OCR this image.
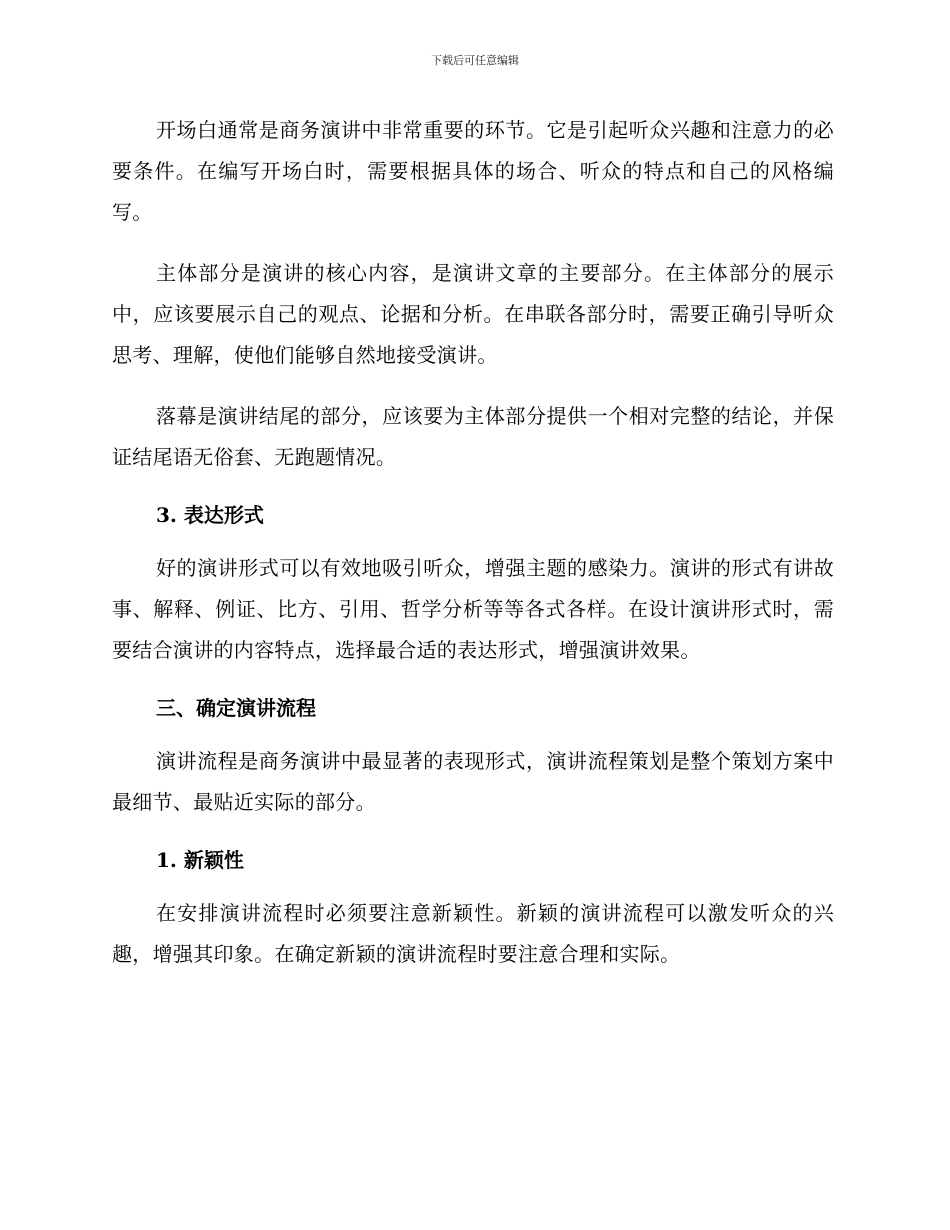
下载后可任意编辑

开场白通常是商务演讲中非常重要的环节。它是引起听众兴趣和注意力的必要条件。在编写开场白时，需要根据具体的场合、听众的特点和自己的风格编写。

主体部分是演讲的核心内容，是演讲文章的主要部分。在主体部分的展示中，应该要展示自己的观点、论据和分析。在串联各部分时，需要正确引导听众思考、理解，使他们能够自然地接受演讲。

落幕是演讲结尾的部分，应该要为主体部分提供一个相对完整的结论，并保证结尾语无俗套、无跑题情况。

3. 表达形式

好的演讲形式可以有效地吸引听众，增强主题的感染力。演讲的形式有讲故事、解释、例证、比方、引用、哲学分析等等各式各样。在设计演讲形式时，需要结合演讲的内容特点，选择最合适的表达形式，增强演讲效果。

三、确定演讲流程

演讲流程是商务演讲中最显著的表现形式，演讲流程策划是整个策划方案中最细节、最贴近实际的部分。

1. 新颖性

在安排演讲流程时必须要注意新颖性。新颖的演讲流程可以激发听众的兴趣，增强其印象。在确定新颖的演讲流程时要注意合理和实际。
